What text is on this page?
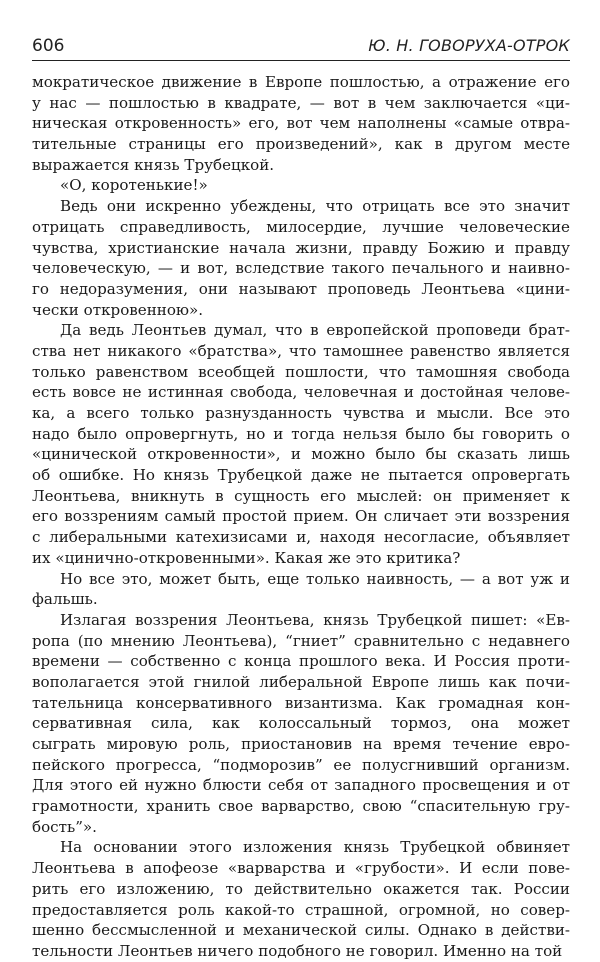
606	Ю. Н. ГОВОРУХА-ОТРОК
мократическое движение в Европе пошлостью, а отражение его
у нас — пошлостью в квадрате, — вот в чем заключается «ци-
ническая откровенность» его, вот чем наполнены «самые отвра-
тительные страницы его произведений», как в другом месте
выражается князь Трубецкой.
«О, коротенькие!»
Ведь они искренно убеждены, что отрицать все это значит
отрицать справедливость, милосердие, лучшие человеческие
чувства, христианские начала жизни, правду Божию и правду
человеческую, — и вот, вследствие такого печального и наивно-
го недоразумения, они называют проповедь Леонтьева «цини-
чески откровенною».
Да ведь Леонтьев думал, что в европейской проповеди брат-
ства нет никакого «братства», что тамошнее равенство является
только равенством всеобщей пошлости, что тамошняя свобода
есть вовсе не истинная свобода, человечная и достойная челове-
ка, а всего только разнузданность чувства и мысли. Все это
надо было опровергнуть, но и тогда нельзя было бы говорить о
«цинической откровенности», и можно было бы сказать лишь
об ошибке. Но князь Трубецкой даже не пытается опровергать
Леонтьева, вникнуть в сущность его мыслей: он применяет к
его воззрениям самый простой прием. Он сличает эти воззрения
с либеральными катехизисами и, находя несогласие, объявляет
их «цинично-откровенными». Какая же это критика?
Но все это, может быть, еще только наивность, — а вот уж и
фальшь.
Излагая воззрения Леонтьева, князь Трубецкой пишет: «Ев-
ропа (по мнению Леонтьева), “гниет” сравнительно с недавнего
времени — собственно с конца прошлого века. И Россия проти-
вополагается этой гнилой либеральной Европе лишь как почи-
тательница консервативного византизма. Как громадная кон-
сервативная сила, как колоссальный тормоз, она может
сыграть мировую роль, приостановив на время течение евро-
пейского прогресса, “подморозив” ее полусгнивший организм.
Для этого ей нужно блюсти себя от западного просвещения и от
грамотности, хранить свое варварство, свою “спасительную гру-
бость”».
На основании этого изложения князь Трубецкой обвиняет
Леонтьева в апофеозе «варварства и «грубости». И если пове-
рить его изложению, то действительно окажется так. России
предоставляется роль какой-то страшной, огромной, но совер-
шенно бессмысленной и механической силы. Однако в действи-
тельности Леонтьев ничего подобного не говорил. Именно на той
